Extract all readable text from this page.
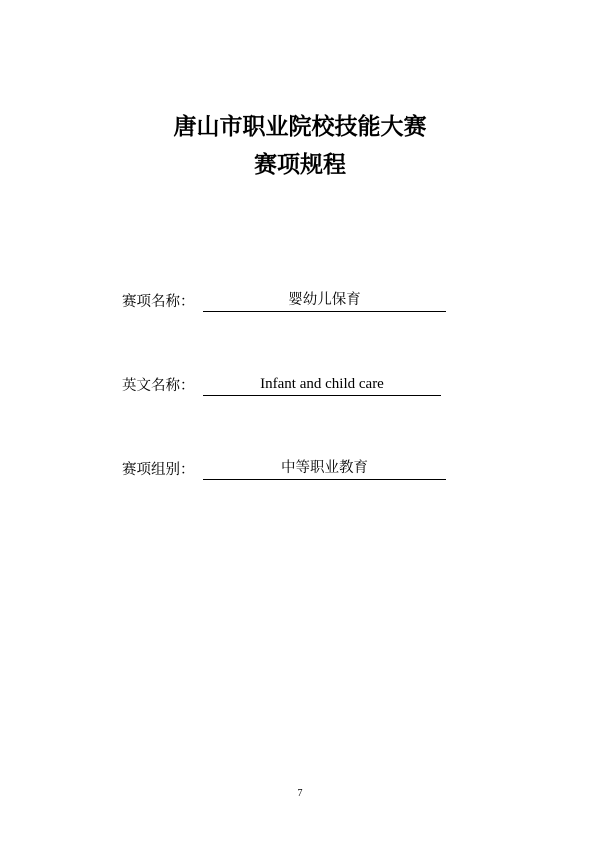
唐山市职业院校技能大赛
赛项规程
赛项名称：	婴幼儿保育
英文名称：	Infant and child care
赛项组别：	中等职业教育
7
